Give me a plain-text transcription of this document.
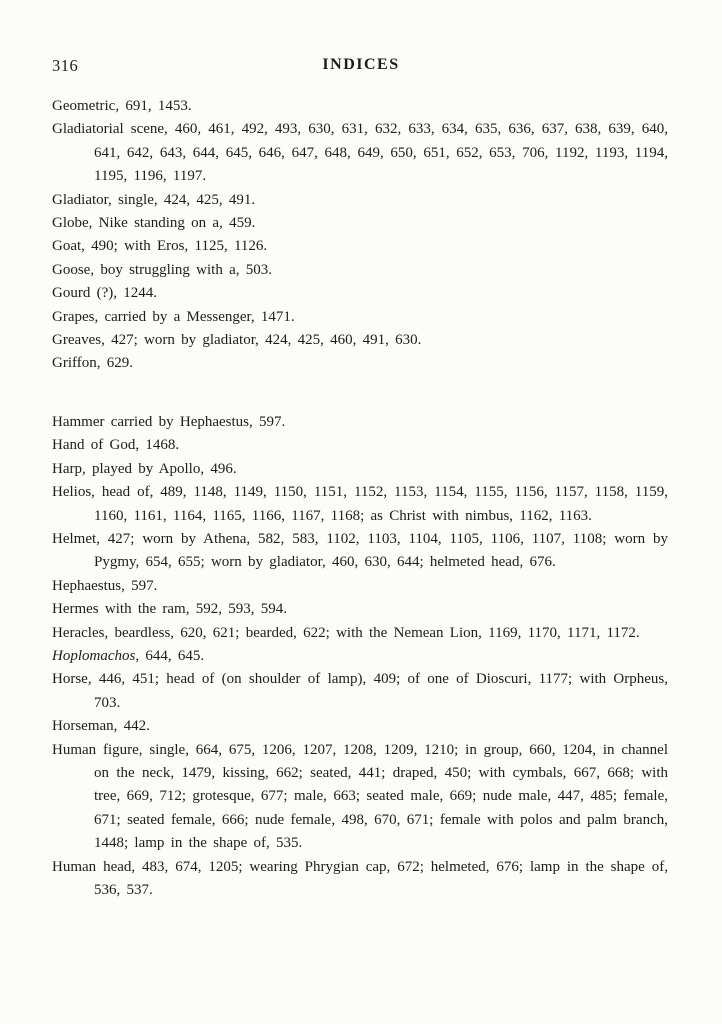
316	INDICES

Geometric, 691, 1453.

Gladiatorial scene, 460, 461, 492, 493, 630, 631, 632, 633, 634, 635, 636, 637, 638, 639, 640, 641, 642, 643, 644, 645, 646, 647, 648, 649, 650, 651, 652, 653, 706, 1192, 1193, 1194, 1195, 1196, 1197.

Gladiator, single, 424, 425, 491.

Globe, Nike standing on a, 459.

Goat, 490; with Eros, 1125, 1126.

Goose, boy struggling with a, 503.

Gourd (?), 1244.

Grapes, carried by a Messenger, 1471.

Greaves, 427; worn by gladiator, 424, 425, 460, 491, 630.

Griffon, 629.

Hammer carried by Hephaestus, 597.

Hand of God, 1468.

Harp, played by Apollo, 496.

Helios, head of, 489, 1148, 1149, 1150, 1151, 1152, 1153, 1154, 1155, 1156, 1157, 1158, 1159, 1160, 1161, 1164, 1165, 1166, 1167, 1168; as Christ with nimbus, 1162, 1163.

Helmet, 427; worn by Athena, 582, 583, 1102, 1103, 1104, 1105, 1106, 1107, 1108; worn by Pygmy, 654, 655; worn by gladiator, 460, 630, 644; helmeted head, 676.

Hephaestus, 597.

Hermes with the ram, 592, 593, 594.

Heracles, beardless, 620, 621; bearded, 622; with the Nemean Lion, 1169, 1170, 1171, 1172.

Hoplomachos, 644, 645.

Horse, 446, 451; head of (on shoulder of lamp), 409; of one of Dioscuri, 1177; with Orpheus, 703.

Horseman, 442.

Human figure, single, 664, 675, 1206, 1207, 1208, 1209, 1210; in group, 660, 1204, in channel on the neck, 1479, kissing, 662; seated, 441; draped, 450; with cymbals, 667, 668; with tree, 669, 712; grotesque, 677; male, 663; seated male, 669; nude male, 447, 485; female, 671; seated female, 666; nude female, 498, 670, 671; female with polos and palm branch, 1448; lamp in the shape of, 535.

Human head, 483, 674, 1205; wearing Phrygian cap, 672; helmeted, 676; lamp in the shape of, 536, 537.
